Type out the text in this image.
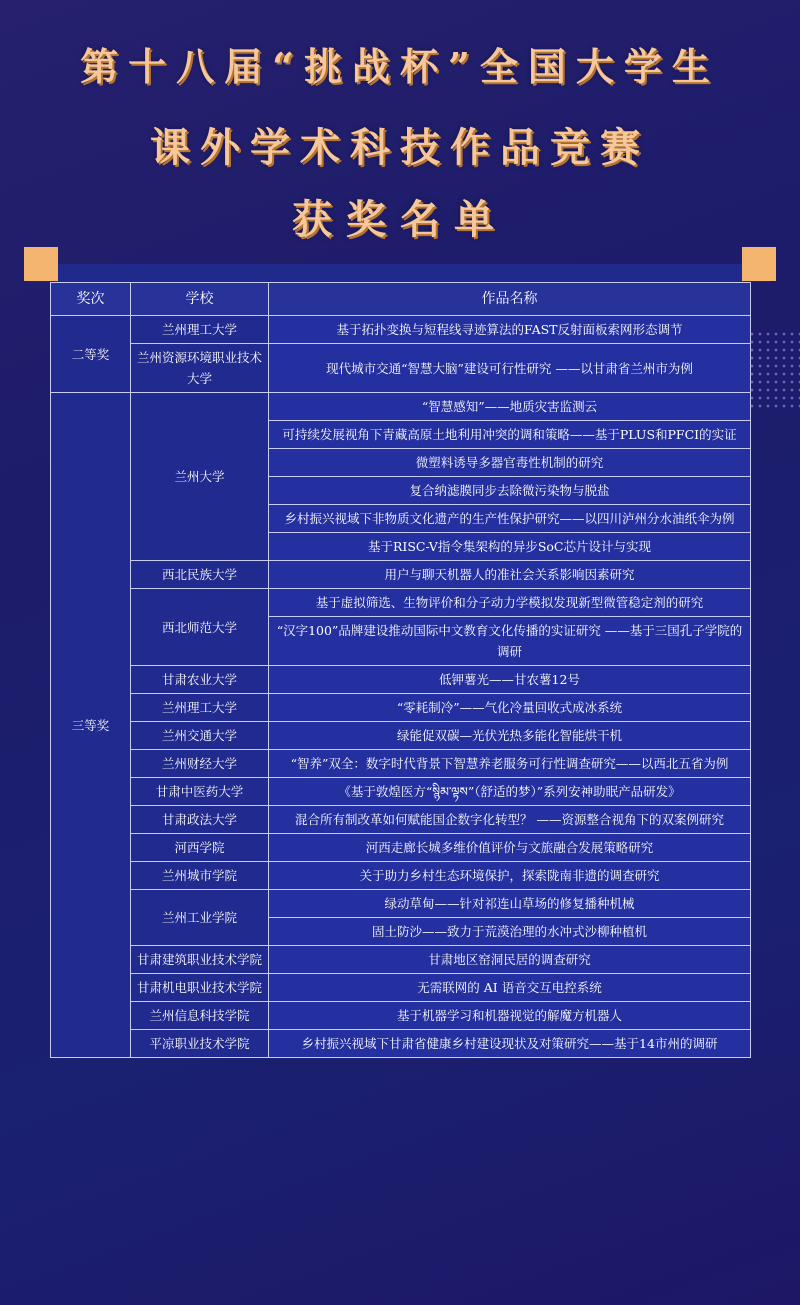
第十八届“挑战杯”全国大学生
课外学术科技作品竞赛
获奖名单
奖次	学校	作品名称
二等奖	兰州理工大学	基于拓扑变换与短程线寻迹算法的FAST反射面板索网形态调节
	兰州资源环境职业技术大学	现代城市交通“智慧大脑”建设可行性研究 ——以甘肃省兰州市为例
三等奖	兰州大学	“智慧感知”——地质灾害监测云
		可持续发展视角下青藏高原土地利用冲突的调和策略——基于PLUS和PFCI的实证
		微塑料诱导多器官毒性机制的研究
		复合纳滤膜同步去除微污染物与脱盐
		乡村振兴视域下非物质文化遗产的生产性保护研究——以四川泸州分水油纸伞为例
		基于RISC-V指令集架构的异步SoC芯片设计与实现
	西北民族大学	用户与聊天机器人的准社会关系影响因素研究
	西北师范大学	基于虚拟筛选、生物评价和分子动力学模拟发现新型微管稳定剂的研究
		“汉字100”品牌建设推动国际中文教育文化传播的实证研究 ——基于三国孔子学院的调研
	甘肃农业大学	低钾薯光——甘农薯12号
	兰州理工大学	“零耗制冷”——气化冷量回收式成冰系统
	兰州交通大学	绿能促双碳—光伏光热多能化智能烘干机
	兰州财经大学	“智养”双全：数字时代背景下智慧养老服务可行性调查研究——以西北五省为例
	甘肃中医药大学	《基于敦煌医方“སྙིམ་ལྟས”（舒适的梦）”系列安神助眠产品研发》
	甘肃政法大学	混合所有制改革如何赋能国企数字化转型？ ——资源整合视角下的双案例研究
	河西学院	河西走廊长城多维价值评价与文旅融合发展策略研究
	兰州城市学院	关于助力乡村生态环境保护，探索陇南非遗的调查研究
	兰州工业学院	绿动草甸——针对祁连山草场的修复播种机械
		固土防沙——致力于荒漠治理的水冲式沙柳种植机
	甘肃建筑职业技术学院	甘肃地区窑洞民居的调查研究
	甘肃机电职业技术学院	无需联网的 AI 语音交互电控系统
	兰州信息科技学院	基于机器学习和机器视觉的解魔方机器人
	平凉职业技术学院	乡村振兴视域下甘肃省健康乡村建设现状及对策研究——基于14市州的调研
